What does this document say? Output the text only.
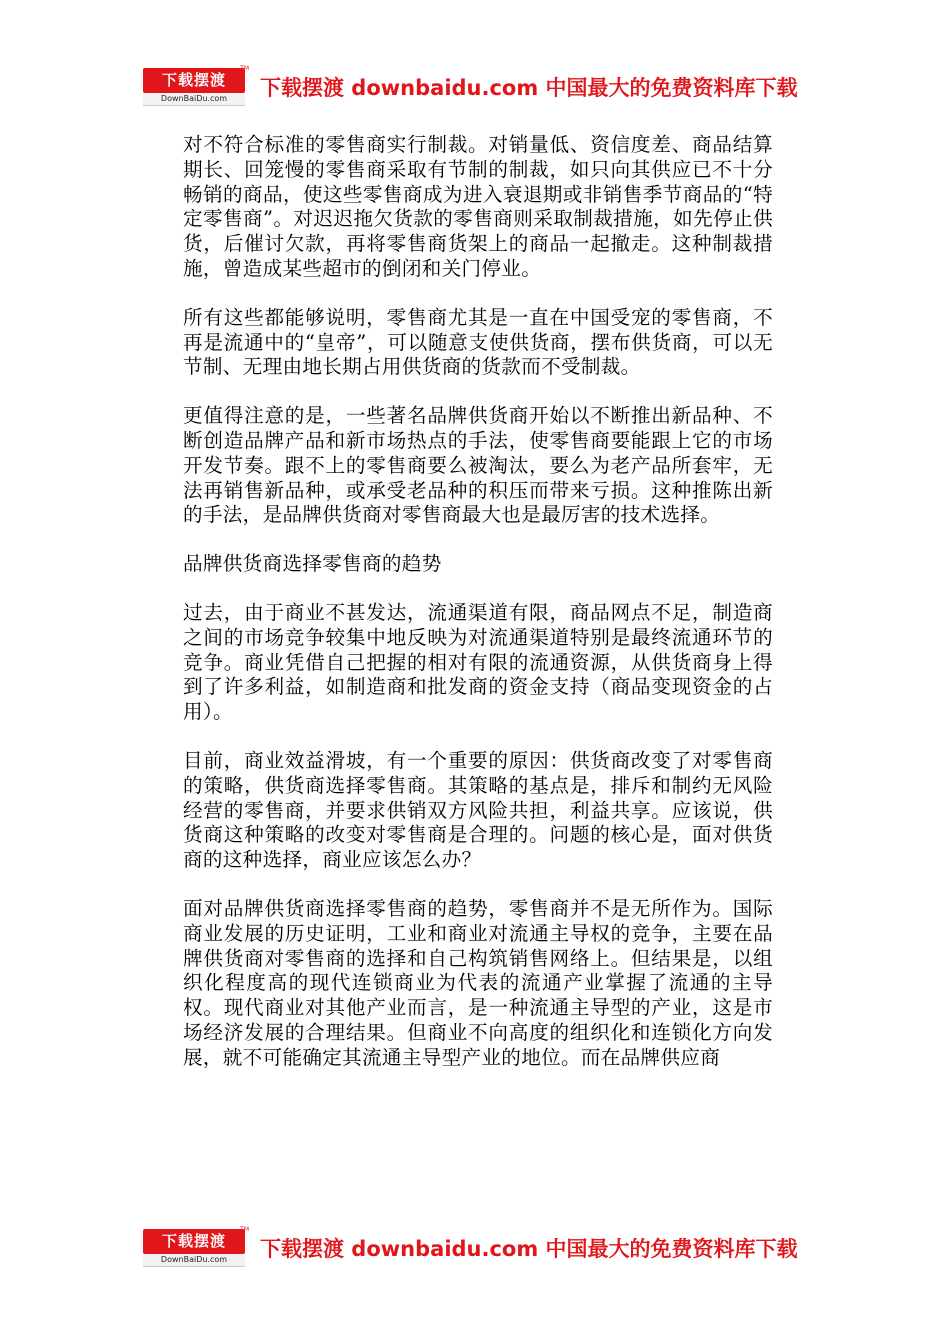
下载摆渡
TM
DownBaiDu.com	下载摆渡 downbaidu.com 中国最大的免费资料库下载

对不符合标准的零售商实行制裁。对销量低、资信度差、商品结算期长、回笼慢的零售商采取有节制的制裁，如只向其供应已不十分畅销的商品，使这些零售商成为进入衰退期或非销售季节商品的“特定零售商”。对迟迟拖欠货款的零售商则采取制裁措施，如先停止供货，后催讨欠款，再将零售商货架上的商品一起撤走。这种制裁措施，曾造成某些超市的倒闭和关门停业。

所有这些都能够说明，零售商尤其是一直在中国受宠的零售商，不再是流通中的“皇帝”，可以随意支使供货商，摆布供货商，可以无节制、无理由地长期占用供货商的货款而不受制裁。

更值得注意的是，一些著名品牌供货商开始以不断推出新品种、不断创造品牌产品和新市场热点的手法，使零售商要能跟上它的市场开发节奏。跟不上的零售商要么被淘汰，要么为老产品所套牢，无法再销售新品种，或承受老品种的积压而带来亏损。这种推陈出新的手法，是品牌供货商对零售商最大也是最厉害的技术选择。

品牌供货商选择零售商的趋势

过去，由于商业不甚发达，流通渠道有限，商品网点不足，制造商之间的市场竞争较集中地反映为对流通渠道特别是最终流通环节的竞争。商业凭借自己把握的相对有限的流通资源，从供货商身上得到了许多利益，如制造商和批发商的资金支持（商品变现资金的占用）。

目前，商业效益滑坡，有一个重要的原因：供货商改变了对零售商的策略，供货商选择零售商。其策略的基点是，排斥和制约无风险经营的零售商，并要求供销双方风险共担，利益共享。应该说，供货商这种策略的改变对零售商是合理的。问题的核心是，面对供货商的这种选择，商业应该怎么办？

面对品牌供货商选择零售商的趋势，零售商并不是无所作为。国际商业发展的历史证明，工业和商业对流通主导权的竞争，主要在品牌供货商对零售商的选择和自己构筑销售网络上。但结果是，以组织化程度高的现代连锁商业为代表的流通产业掌握了流通的主导权。现代商业对其他产业而言，是一种流通主导型的产业，这是市场经济发展的合理结果。但商业不向高度的组织化和连锁化方向发展，就不可能确定其流通主导型产业的地位。而在品牌供应商

下载摆渡
TM
DownBaiDu.com	下载摆渡 downbaidu.com 中国最大的免费资料库下载
